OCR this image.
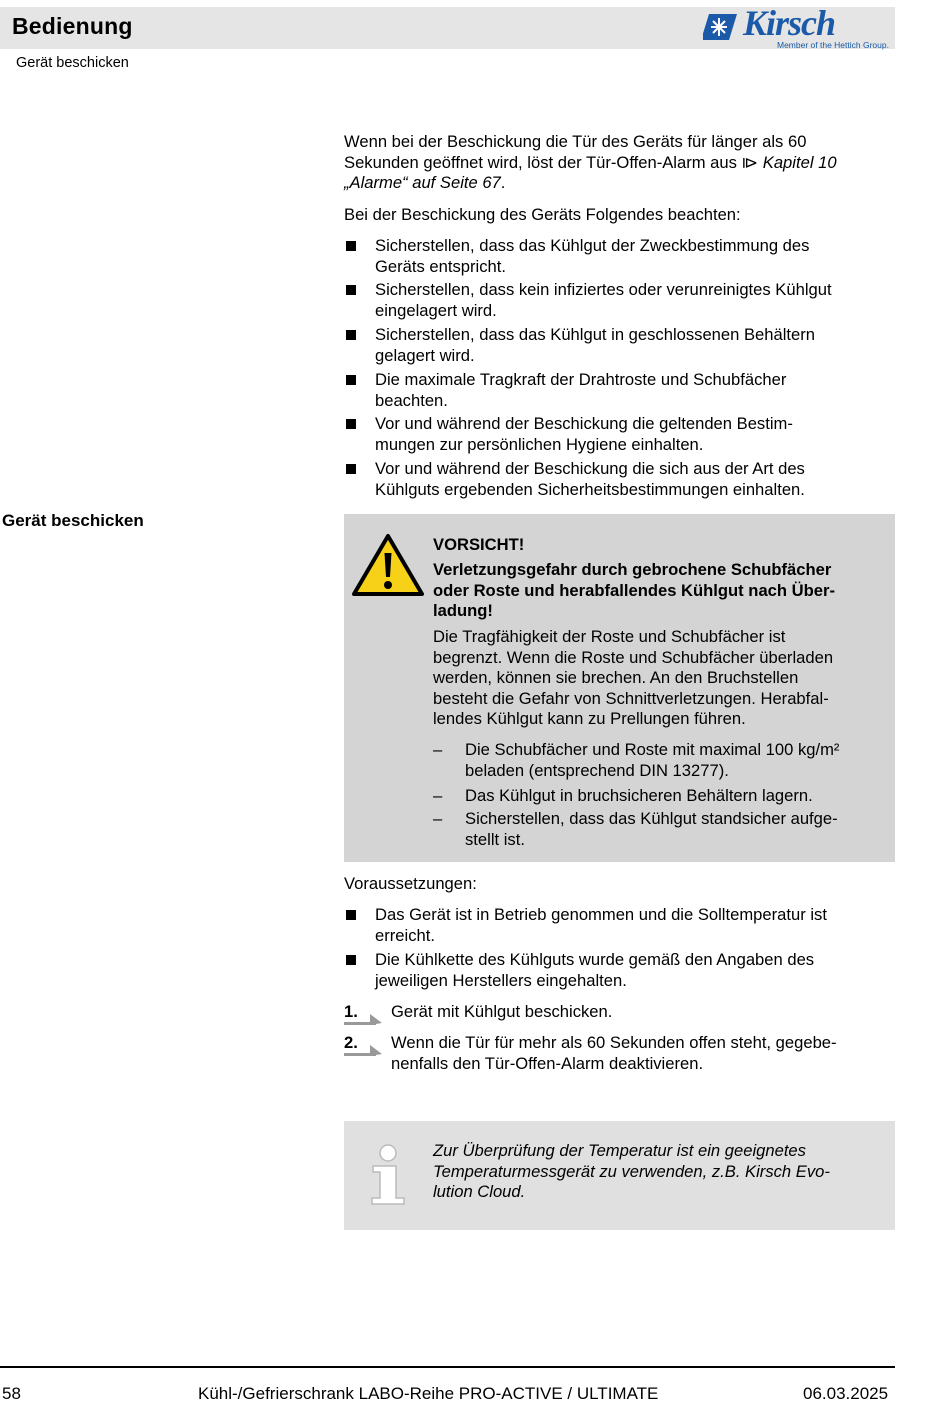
Bedienung
Gerät beschicken
Kirsch
Member of the Hettich Group.
Wenn bei der Beschickung die Tür des Geräts für länger als 60
Sekunden geöffnet wird, löst der Tür-Offen-Alarm aus ⧐ Kapitel 10
„Alarme“ auf Seite 67.
Bei der Beschickung des Geräts Folgendes beachten:
Sicherstellen, dass das Kühlgut der Zweckbestimmung des
Geräts entspricht.
Sicherstellen, dass kein infiziertes oder verunreinigtes Kühlgut
eingelagert wird.
Sicherstellen, dass das Kühlgut in geschlossenen Behältern
gelagert wird.
Die maximale Tragkraft der Drahtroste und Schubfächer
beachten.
Vor und während der Beschickung die geltenden Bestim-
mungen zur persönlichen Hygiene einhalten.
Vor und während der Beschickung die sich aus der Art des
Kühlguts ergebenden Sicherheitsbestimmungen einhalten.
Gerät beschicken
VORSICHT!
Verletzungsgefahr durch gebrochene Schubfächer
oder Roste und herabfallendes Kühlgut nach Über-
ladung!
Die Tragfähigkeit der Roste und Schubfächer ist
begrenzt. Wenn die Roste und Schubfächer überladen
werden, können sie brechen. An den Bruchstellen
besteht die Gefahr von Schnittverletzungen. Herabfal-
lendes Kühlgut kann zu Prellungen führen.
– Die Schubfächer und Roste mit maximal 100 kg/m²
beladen (entsprechend DIN 13277).
– Das Kühlgut in bruchsicheren Behältern lagern.
– Sicherstellen, dass das Kühlgut standsicher aufge-
stellt ist.
Voraussetzungen:
Das Gerät ist in Betrieb genommen und die Solltemperatur ist
erreicht.
Die Kühlkette des Kühlguts wurde gemäß den Angaben des
jeweiligen Herstellers eingehalten.
1. Gerät mit Kühlgut beschicken.
2. Wenn die Tür für mehr als 60 Sekunden offen steht, gegebe-
nenfalls den Tür-Offen-Alarm deaktivieren.
Zur Überprüfung der Temperatur ist ein geeignetes
Temperaturmessgerät zu verwenden, z.B. Kirsch Evo-
lution Cloud.
58	Kühl-/Gefrierschrank LABO-Reihe PRO-ACTIVE / ULTIMATE	06.03.2025
